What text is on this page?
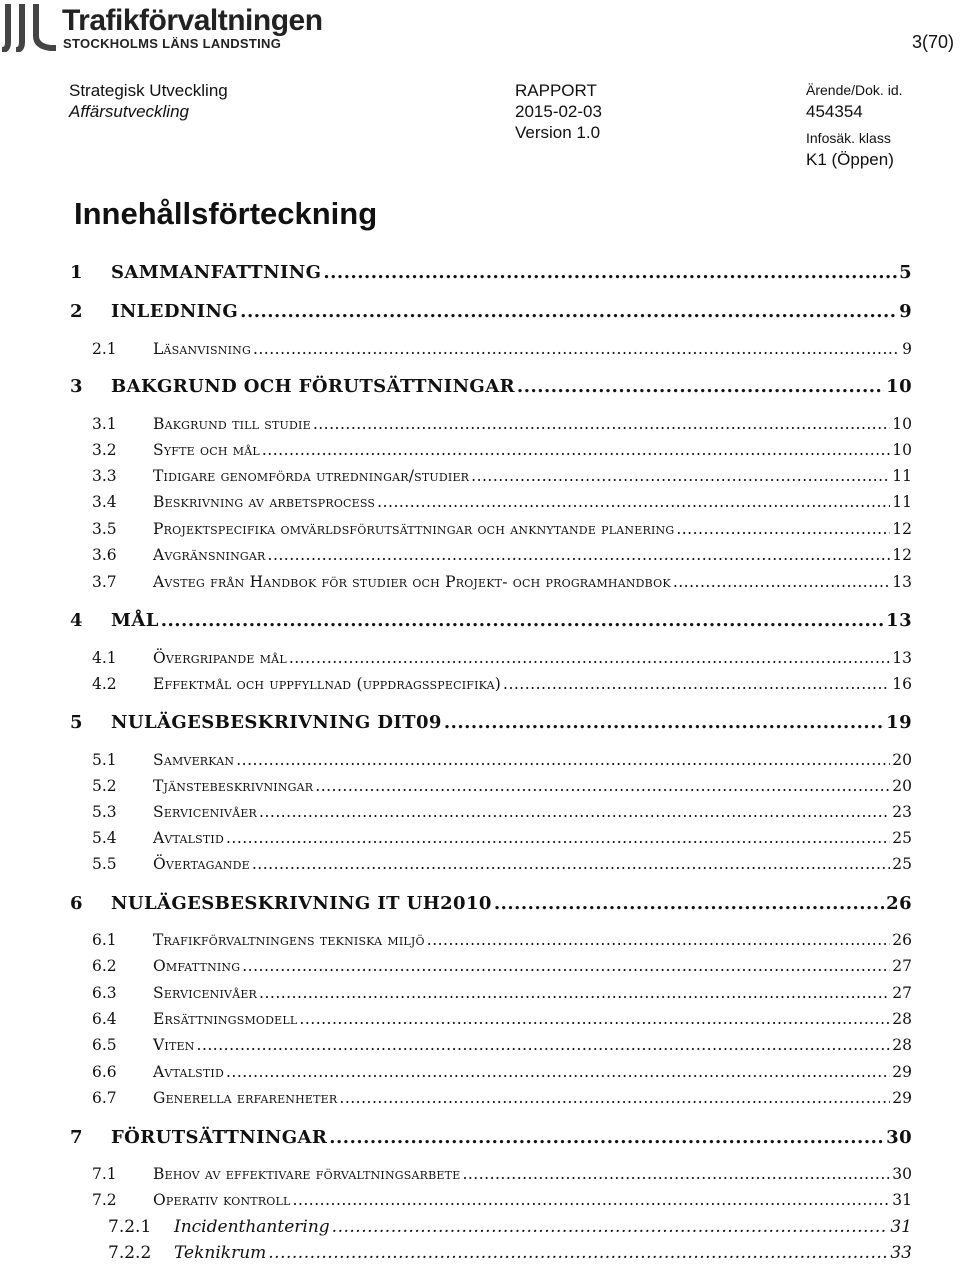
Trafikförvaltningen
STOCKHOLMS LÄNS LANDSTING	3(70)
Strategisk Utveckling
Affärsutveckling
RAPPORT
2015-02-03
Version 1.0
Ärende/Dok. id.
454354
Infosäk. klass
K1 (Öppen)
Innehållsförteckning
1	SAMMANFATTNING .....	5
2	INLEDNING .....	9
2.1	Läsanvisning .....	9
3	BAKGRUND OCH FÖRUTSÄTTNINGAR .....	10
3.1	Bakgrund till studie .....	10
3.2	Syfte och mål .....	10
3.3	Tidigare genomförda utredningar/studier .....	11
3.4	Beskrivning av arbetsprocess .....	11
3.5	Projektspecifika omvärldsförutsättningar och anknytande planering .....	12
3.6	Avgränsningar .....	12
3.7	Avsteg från Handbok för studier och Projekt- och programhandbok .....	13
4	MÅL .....	13
4.1	Övergripande mål .....	13
4.2	Effektmål och uppfyllnad (uppdragsspecifika) .....	16
5	NULÄGESBESKRIVNING DIT09 .....	19
5.1	Samverkan .....	20
5.2	Tjänstebeskrivningar .....	20
5.3	Servicenivåer .....	23
5.4	Avtalstid .....	25
5.5	Övertagande .....	25
6	NULÄGESBESKRIVNING IT UH2010 .....	26
6.1	Trafikförvaltningens tekniska miljö .....	26
6.2	Omfattning .....	27
6.3	Servicenivåer .....	27
6.4	Ersättningsmodell .....	28
6.5	Viten .....	28
6.6	Avtalstid .....	29
6.7	Generella erfarenheter .....	29
7	FÖRUTSÄTTNINGAR .....	30
7.1	Behov av effektivare förvaltningsarbete .....	30
7.2	Operativ kontroll .....	31
7.2.1	Incidenthantering .....	31
7.2.2	Teknikrum .....	33
